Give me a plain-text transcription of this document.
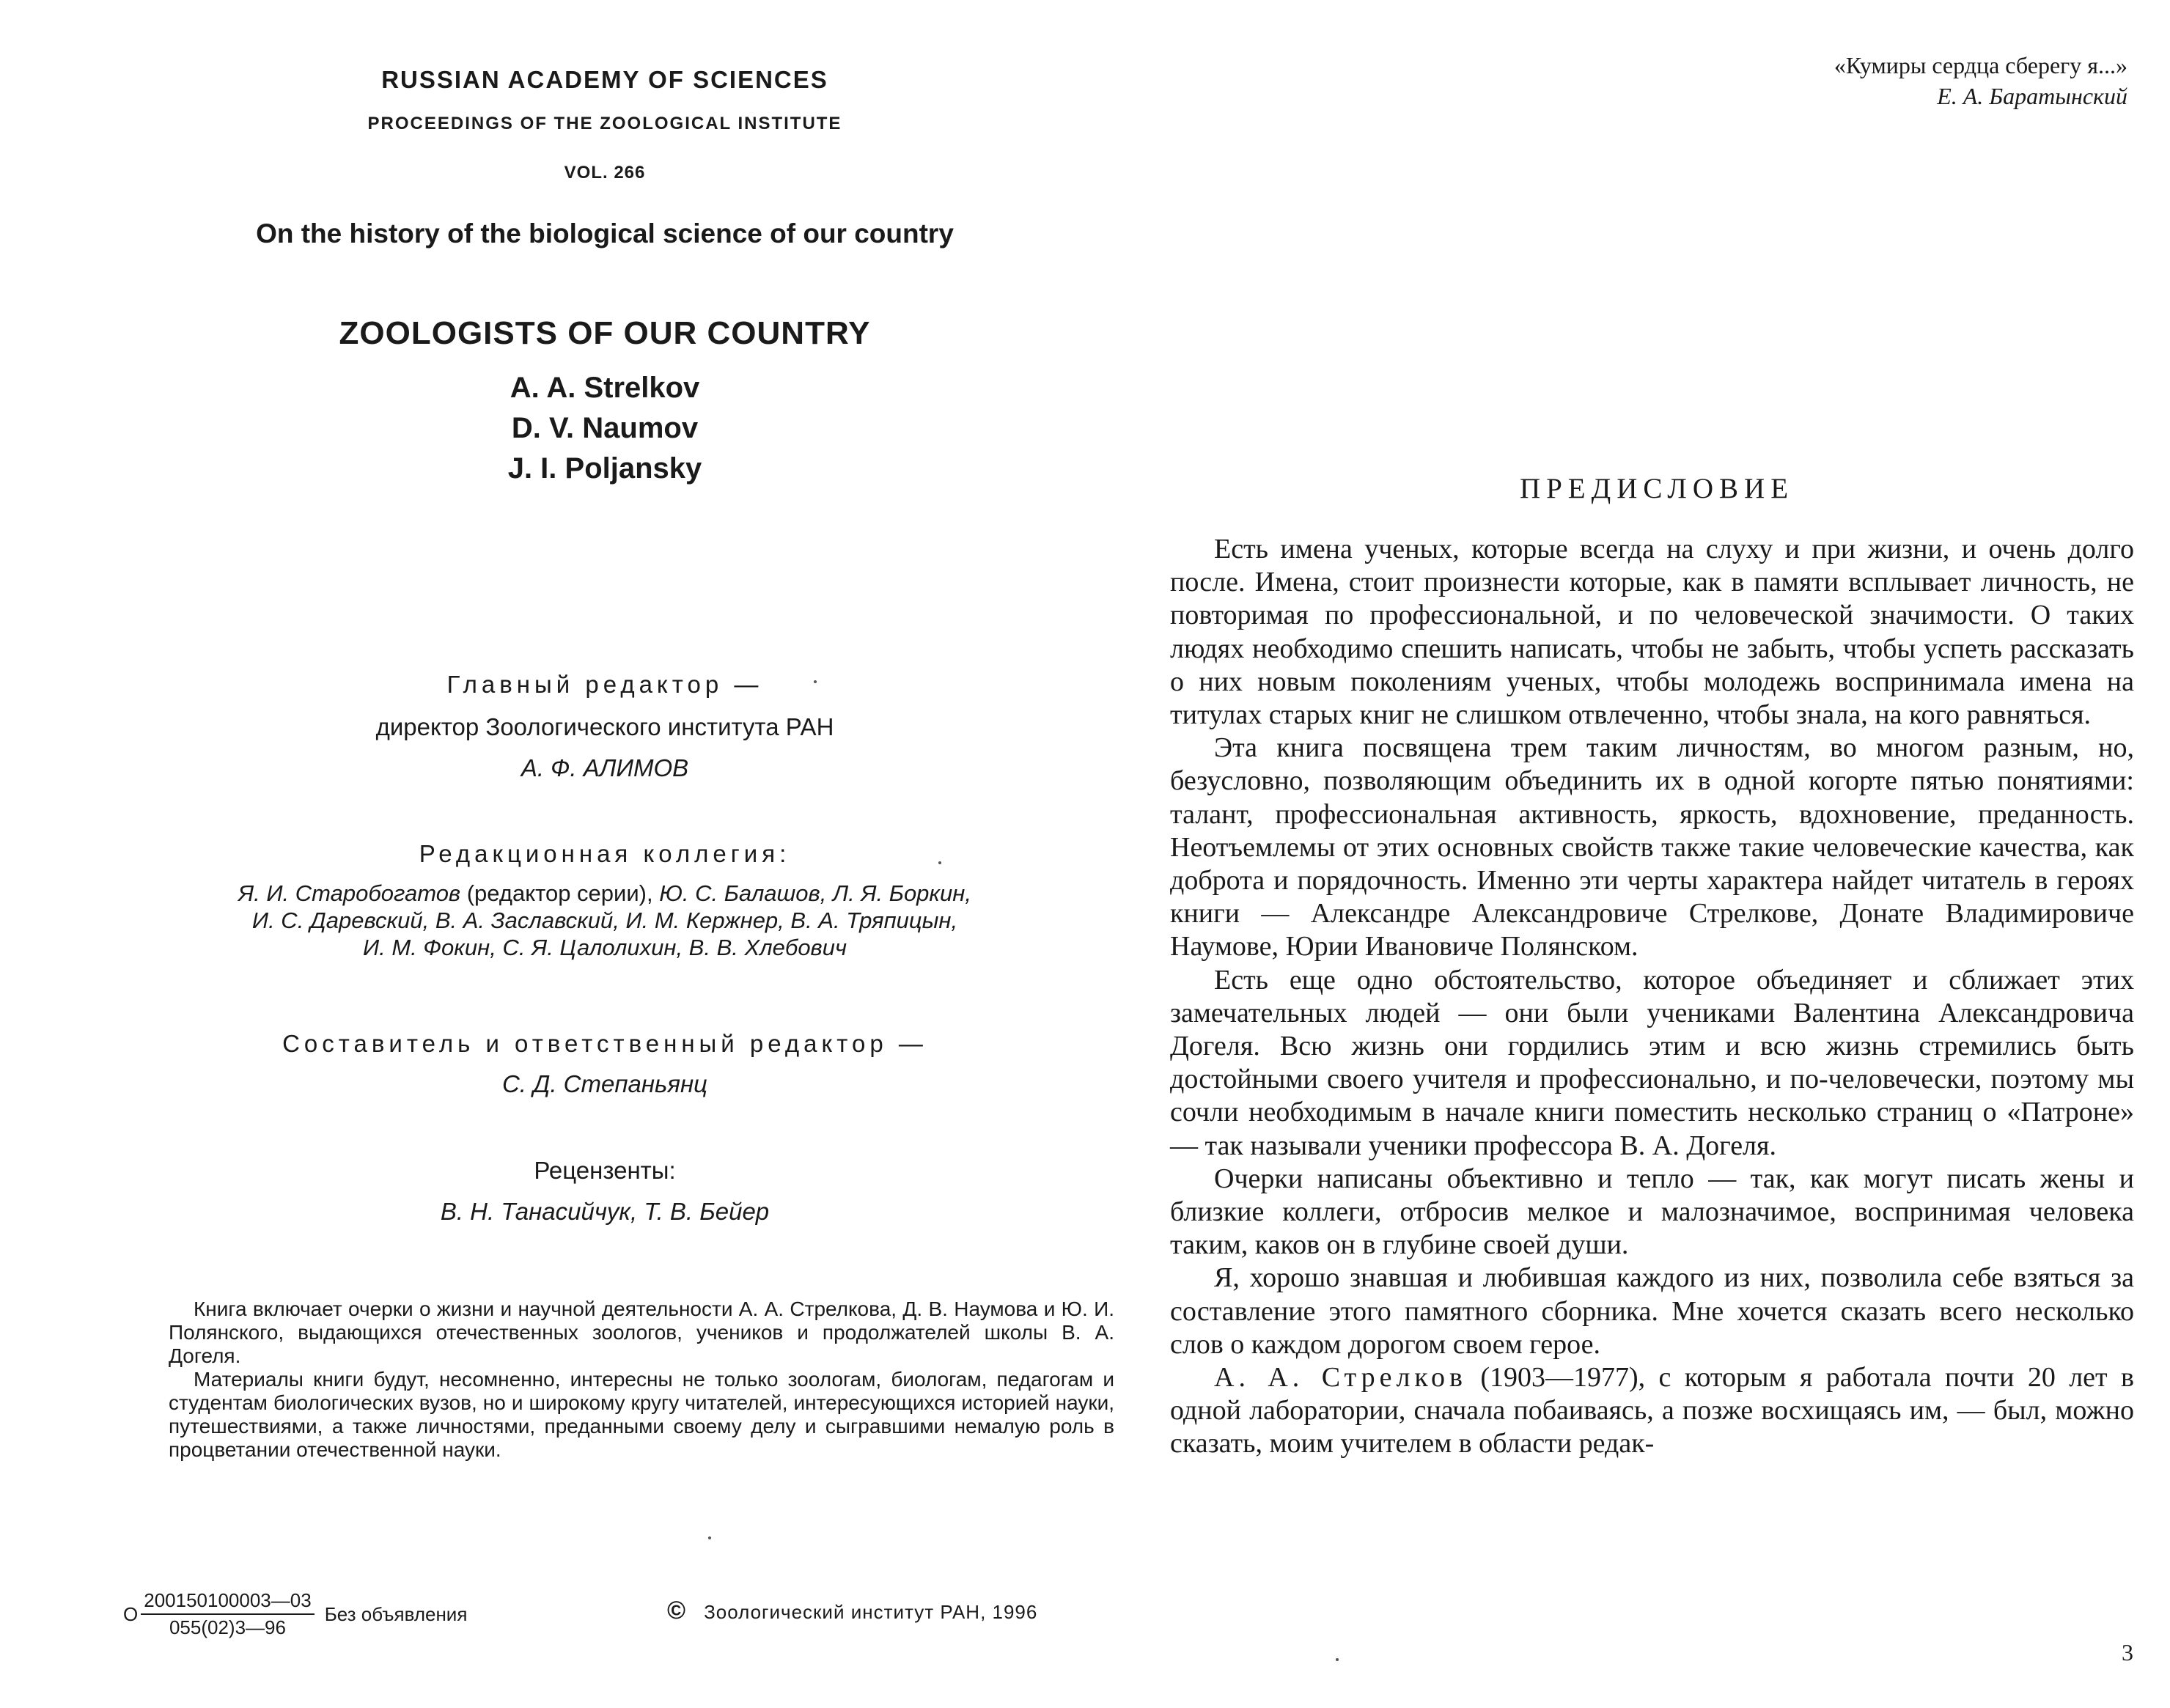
RUSSIAN ACADEMY OF SCIENCES
PROCEEDINGS OF THE ZOOLOGICAL INSTITUTE
VOL. 266
On the history of the biological science of our country
ZOOLOGISTS OF OUR COUNTRY
A. A. Strelkov
D. V. Naumov
J. I. Poljansky
Главный редактор —
директор Зоологического института РАН
А. Ф. АЛИМОВ
Редакционная коллегия:
Я. И. Старобогатов (редактор серии), Ю. С. Балашов, Л. Я. Боркин,
И. С. Даревский, В. А. Заславский, И. М. Кержнер, В. А. Тряпицын,
И. М. Фокин, С. Я. Цалолихин, В. В. Хлебович
Составитель и ответственный редактор —
С. Д. Степаньянц
Рецензенты:
В. Н. Танасийчук, Т. В. Бейер

Книга включает очерки о жизни и научной деятельности А. А. Стрелкова, Д. В. Наумова и Ю. И. Полянского, выдающихся отечественных зоологов, учеников и продолжателей школы В. А. Догеля.

Материалы книги будут, несомненно, интересны не только зоологам, биологам, педагогам и студентам биологических вузов, но и широкому кругу читателей, интересующихся историей науки, путешествиями, а также личностями, преданными своему делу и сыгравшими немалую роль в процветании отечественной науки.

О $\frac{200150100003—03}{055(02)3—96}$ Без объявления	© Зоологический институт РАН, 1996
«Кумиры сердца сберегу я...»
Е. А. Баратынский
ПРЕДИСЛОВИЕ

Есть имена ученых, которые всегда на слуху и при жизни, и очень долго после. Имена, стоит произнести которые, как в памяти всплывает личность, не повторимая по профессиональной, и по человеческой значимости. О таких людях необходимо спешить написать, чтобы не забыть, чтобы успеть рассказать о них новым поколениям ученых, чтобы молодежь воспринимала имена на титулах старых книг не слишком отвлеченно, чтобы знала, на кого равняться.

Эта книга посвящена трем таким личностям, во многом разным, но, безусловно, позволяющим объединить их в одной когорте пятью понятиями: талант, профессиональная активность, яркость, вдохновение, преданность. Неотъемлемы от этих основных свойств также такие человеческие качества, как доброта и порядочность. Именно эти черты характера найдет читатель в героях книги — Александре Александровиче Стрелкове, Донате Владимировиче Наумове, Юрии Ивановиче Полянском.

Есть еще одно обстоятельство, которое объединяет и сближает этих замечательных людей — они были учениками Валентина Александровича Догеля. Всю жизнь они гордились этим и всю жизнь стремились быть достойными своего учителя и профессионально, и по-человечески, поэтому мы сочли необходимым в начале книги поместить несколько страниц о «Патроне» — так называли ученики профессора В. А. Догеля.

Очерки написаны объективно и тепло — так, как могут писать жены и близкие коллеги, отбросив мелкое и малозначимое, воспринимая человека таким, каков он в глубине своей души.

Я, хорошо знавшая и любившая каждого из них, позволила себе взяться за составление этого памятного сборника. Мне хочется сказать всего несколько слов о каждом дорогом своем герое.

А. А. Стрелков (1903—1977), с которым я работала почти 20 лет в одной лаборатории, сначала побаиваясь, а позже восхищаясь им, — был, можно сказать, моим учителем в области редак-

3
